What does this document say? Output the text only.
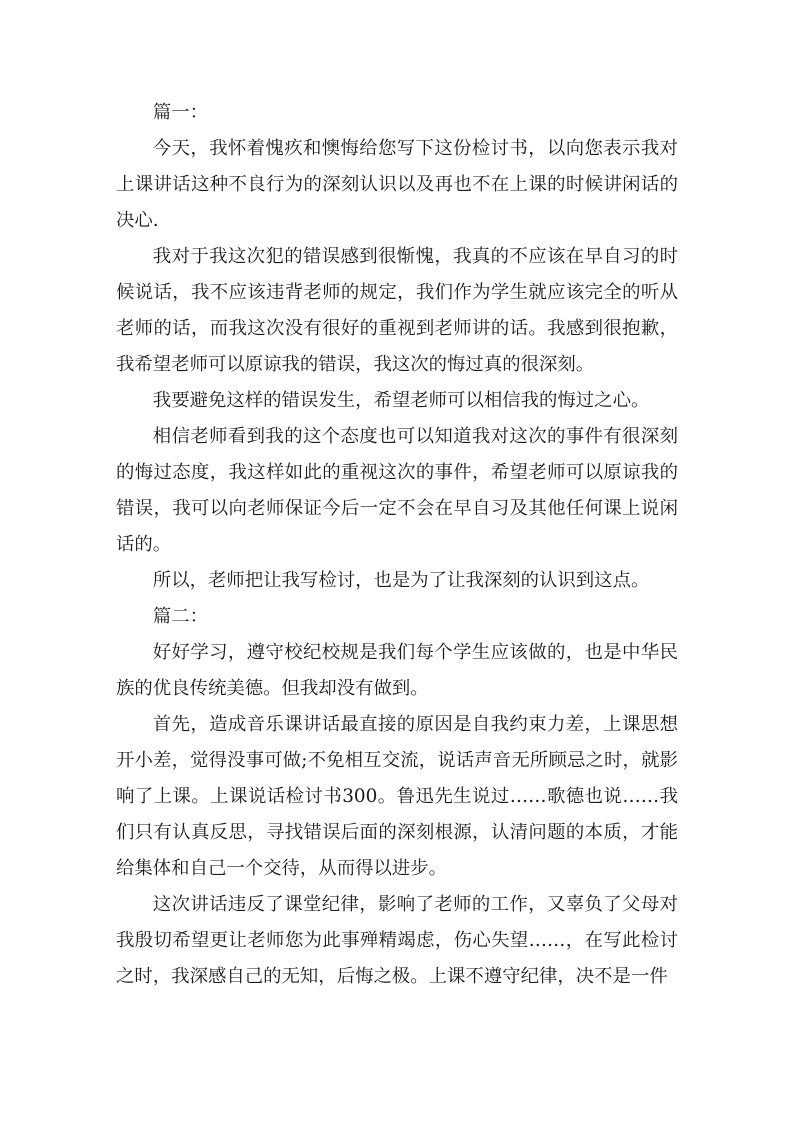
篇一：

今天，我怀着愧疚和懊悔给您写下这份检讨书，以向您表示我对上课讲话这种不良行为的深刻认识以及再也不在上课的时候讲闲话的决心.

我对于我这次犯的错误感到很惭愧，我真的不应该在早自习的时候说话，我不应该违背老师的规定，我们作为学生就应该完全的听从老师的话，而我这次没有很好的重视到老师讲的话。我感到很抱歉，我希望老师可以原谅我的错误，我这次的悔过真的很深刻。

我要避免这样的错误发生，希望老师可以相信我的悔过之心。

相信老师看到我的这个态度也可以知道我对这次的事件有很深刻的悔过态度，我这样如此的重视这次的事件，希望老师可以原谅我的错误，我可以向老师保证今后一定不会在早自习及其他任何课上说闲话的。

所以，老师把让我写检讨，也是为了让我深刻的认识到这点。

篇二：

好好学习，遵守校纪校规是我们每个学生应该做的，也是中华民族的优良传统美德。但我却没有做到。

首先，造成音乐课讲话最直接的原因是自我约束力差，上课思想开小差，觉得没事可做;不免相互交流，说话声音无所顾忌之时，就影响了上课。上课说话检讨书300。鲁迅先生说过……歌德也说……我们只有认真反思，寻找错误后面的深刻根源，认清问题的本质，才能给集体和自己一个交待，从而得以进步。

这次讲话违反了课堂纪律，影响了老师的工作，又辜负了父母对我殷切希望更让老师您为此事殚精竭虑，伤心失望……，在写此检讨之时，我深感自己的无知，后悔之极。上课不遵守纪律，决不是一件
